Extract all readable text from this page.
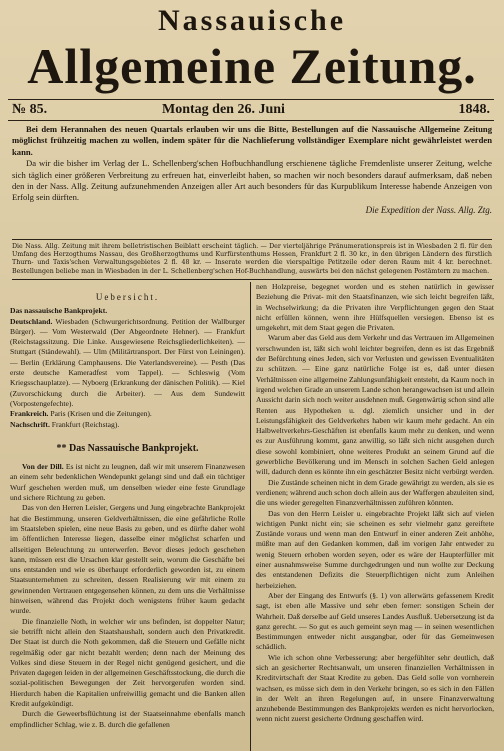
Nassauische
Allgemeine Zeitung.
№ 85.	Montag den 26. Juni	1848.

Bei dem Herannahen des neuen Quartals erlauben wir uns die Bitte, Bestellungen auf die Nassauische Allgemeine Zeitung möglichst frühzeitig machen zu wollen, indem später für die Nachlieferung vollständiger Exemplare nicht gewährleistet werden kann.

Da wir die bisher im Verlag der L. Schellenberg'schen Hofbuchhandlung erschienene tägliche Fremdenliste unserer Zeitung, welche sich täglich einer größeren Verbreitung zu erfreuen hat, einverleibt haben, so machen wir noch besonders darauf aufmerksam, daß neben den in der Nass. Allg. Zeitung aufzunehmenden Anzeigen aller Art auch besonders für das Kurpublikum Interesse habende Anzeigen von Erfolg sein dürften.

Die Expedition der Nass. Allg. Ztg.
Die Nass. Allg. Zeitung mit ihrem belletristischen Beiblatt erscheint täglich. — Der vierteljährige Pränumerationspreis ist in Wiesbaden 2 fl. für den Umfang des Herzogthums Nassau, des Großherzogthums und Kurfürstenthums Hessen, Frankfurt 2 fl. 30 kr., in den übrigen Ländern des fürstlich Thurn- und Taxis'schen Verwaltungsgebietes 2 fl. 48 kr. — Inserate werden die vierspaltige Petitzeile oder deren Raum mit 4 kr. berechnet. Bestellungen beliebe man in Wiesbaden in der L. Schellenberg'schen Hof-Buchhandlung, auswärts bei den nächst gelegenen Postämtern zu machen.
Uebersicht.

Das nassauische Bankprojekt.

Deutschland. Wiesbaden (Schwurgerichtsordnung. Petition der Wallburger Bürger). — Vom Westerwald (Der Abgeordnete Hehner). — Frankfurt (Reichstagssitzung. Die Linke. Ausgewiesene Reichsgliederlichkeiten). — Stuttgart (Ständewahl). — Ulm (Militärtransport. Der Fürst von Leiningen). — Berlin (Erklärung Camphausens. Die Vaterlandsvereine). — Pesth (Das erste deutsche Kameradfest vom Tappel). — Schleswig (Vom Kriegsschauplatze). — Nyboerg (Erkrankung der dänischen Politik). — Kiel (Zuvorschickung durch die Arbeiter). — Aus dem Sundewitt (Vorpostengefechte).

Frankreich. Paris (Krisen und die Zeitungen).

Nachschrift. Frankfurt (Reichstag).

** Das Nassauische Bankprojekt.

Von der Dill. Es ist nicht zu leugnen, daß wir mit unserem Finanzwesen an einem sehr bedenklichen Wendepunkt gelangt sind und daß ein tüchtiger Wurf geschehen werden muß, um denselben wieder eine feste Grundlage und sichere Richtung zu geben.

Das von den Herren Leisler, Gergens und Jung eingebrachte Bankprojekt hat die Bestimmung, unseren Geldverhältnissen, die eine gefährliche Rolle im Staatsleben spielen, eine neue Basis zu geben, und es dürfte daher wohl im öffentlichen Interesse liegen, dasselbe einer möglichst scharfen und allseitigen Beleuchtung zu unterwerfen. Bevor dieses jedoch geschehen kann, müssen erst die Ursachen klar gestellt sein, worum die Geschäfte bei uns entstanden und wie es überhaupt erforderlich geworden ist, zu einem Staatsunternehmen zu schreiten, dessen Realisierung wir mit einem zu gewinnenden Vertrauen entgegensehen können, zu dem uns die Verhältnisse hinweisen, während das Projekt doch wenigstens früher kaum gedacht wurde.

Die finanzielle Noth, in welcher wir uns befinden, ist doppelter Natur; sie betrifft nicht allein den Staatshaushalt, sondern auch den Privatkredit. Der Staat ist durch die Noth gekommen, daß die Steuern und Gefälle nicht regelmäßig oder gar nicht bezahlt werden; denn nach der Meinung des Volkes sind diese Steuern in der Regel nicht genügend gesichert, und die Privaten dagegen leiden in der allgemeinen Geschäftsstockung, die durch die sozial-politischen Bewegungen der Zeit hervorgerufen worden sind. Hierdurch haben die Kapitalien unfreiwillig gemacht und die Banken allen Kredit aufgekündigt.

Durch die Geweerbsflüchtung ist der Staatseinnahme ebenfalls manch empfindlicher Schlag, wie z. B. durch die gefallenen

nen Holzpreise, begegnet worden und es stehen natürlich in gewisser Beziehung die Privat- mit den Staatsfinanzen, wie sich leicht begreifen läßt, in Wechselwirkung; da die Privaten ihre Verpflichtungen gegen den Staat nicht erfüllen können, wenn ihre Hülfsquellen versiegen. Ebenso ist es umgekehrt, mit dem Staat gegen die Privaten.

Warum aber das Geld aus dem Verkehr und das Vertrauen im Allgemeinen verschwunden ist, läßt sich wohl leichter begreifen, denn es ist das Ergebniß der Befürchtung eines Jeden, sich vor Verlusten und gewissen Eventualitäten zu schützen. — Eine ganz natürliche Folge ist es, daß unter diesen Verhältnissen eine allgemeine Zahlungsunfähigkeit entsteht, da Kaum noch in irgend welchen Grade an unserem Lande schon herangewachsen ist und allein Aussicht darin sich noch weiter ausdehnen muß. Gegenwärtig schon sind alle Renten aus Hypotheken u. dgl. ziemlich unsicher und in der Leistungsfähigkeit des Geldverkehrs haben wir kaum mehr gedacht. An ein Halbweltverkehrs-Geschäften ist ebenfalls kaum mehr zu denken, und wenn es zur Ausführung kommt, ganz anwillig, so läßt sich nicht ausgehen durch diese sowohl kombiniert, ohne weiteres Produkt an seinem Grund auf die gewerbliche Bevölkerung und im Mensch in solchen Sachen Geld anlegen will, dadurch denn es könnte ihn ein geschätzter Besitz nicht verbürgt werden.

Die Zustände scheinen nicht in dem Grade gewährigt zu werden, als sie es verdienen; während auch schon doch allein aus der Waffergen abzuleiten sind, die uns wieder geregelten Finanzverhältnissen zuführen könnten.

Das von den Herrn Leisler u. eingebrachte Projekt läßt sich auf vielen wichtigen Punkt nicht ein; sie scheinen es sehr vielmehr ganz gereiftete Zustände voraus und wenn man den Entwurf in einer anderen Zeit anhöhe, müßte man auf den Gedanken kommen, daß im vorigen Jahr entweder zu wenig Steuern erhoben worden seyen, oder es wäre der Haupterfüller mit einer ausnahmsweise Summe durchgedrungen und nun wollte zur Deckung des entstandenen Defizits die Steuerpflichtigen nicht zum Anleihen herbeiziehen.

Aber der Eingang des Entwurfs (§. 1) von allerwärts gefassenem Kredit sagt, ist eben alle Massive und sehr eben ferner: sonstigen Schein der Wahrheit. Daß derselbe auf Geld unseres Landes Ausfluß. Uebersetzung ist da ganz gerecht. — So gut es auch gemeint seyn mag — in seinen wesentlichen Bestimmungen entweder nicht ausgangbar, oder für das Gemeinwesen schädlich.

Wie ich schon ohne Verbesserung: aber hergefühlter sehr deutlich, daß sich an gesicherter Rechtsanwalt, um unseren finanziellen Verhältnissen in Kreditvirtschaft der Staat Kredite zu geben. Das Geld solle von vornherein wachsen, es müsse sich dem in den Verkehr bringen, so es sich in den Fällen in der Welt an ihren Regelungen auf, in unsere Finanzverwaltung anzuhebende Bestimmungen des Bankprojekts werden es nicht hervorlocken, wenn nicht zuerst gesicherte Ordnung geschaffen wird.
